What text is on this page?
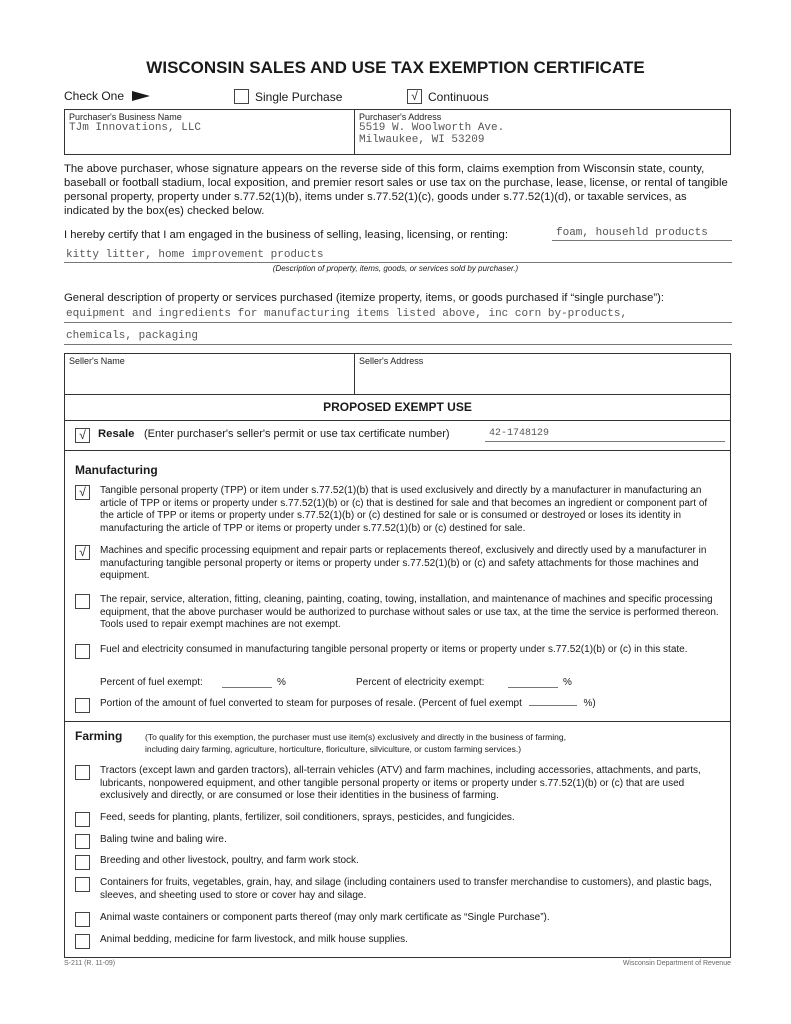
WISCONSIN SALES AND USE TAX EXEMPTION CERTIFICATE
Check One	Single Purchase	√ Continuous
Purchaser's Business Name
TJm Innovations, LLC
Purchaser's Address
5519 W. Woolworth Ave.
Milwaukee, WI 53209
The above purchaser, whose signature appears on the reverse side of this form, claims exemption from Wisconsin state, county, baseball or football stadium, local exposition, and premier resort sales or use tax on the purchase, lease, license, or rental of tangible personal property, property under s.77.52(1)(b), items under s.77.52(1)(c), goods under s.77.52(1)(d), or taxable services, as indicated by the box(es) checked below.
I hereby certify that I am engaged in the business of selling, leasing, licensing, or renting:	foam, househld products
kitty litter, home improvement products
(Description of property, items, goods, or services sold by purchaser.)
General description of property or services purchased (itemize property, items, or goods purchased if “single purchase”):
equipment and ingredients for manufacturing items listed above, inc corn by-products,
chemicals, packaging
Seller's Name	Seller's Address
PROPOSED EXEMPT USE
√	Resale (Enter purchaser's seller's permit or use tax certificate number)	42-1748129
Manufacturing
√	Tangible personal property (TPP) or item under s.77.52(1)(b) that is used exclusively and directly by a manufacturer in manufacturing an article of TPP or items or property under s.77.52(1)(b) or (c) that is destined for sale and that becomes an ingredient or component part of the article of TPP or items or property under s.77.52(1)(b) or (c) destined for sale or is consumed or destroyed or loses its identity in manufacturing the article of TPP or items or property under s.77.52(1)(b) or (c) destined for sale.
√	Machines and specific processing equipment and repair parts or replacements thereof, exclusively and directly used by a manufacturer in manufacturing tangible personal property or items or property under s.77.52(1)(b) or (c) and safety attachments for those machines and equipment.
The repair, service, alteration, fitting, cleaning, painting, coating, towing, installation, and maintenance of machines and specific processing equipment, that the above purchaser would be authorized to purchase without sales or use tax, at the time the service is performed thereon. Tools used to repair exempt machines are not exempt.
Fuel and electricity consumed in manufacturing tangible personal property or items or property under s.77.52(1)(b) or (c) in this state.
Percent of fuel exempt:	%	Percent of electricity exempt:	%
Portion of the amount of fuel converted to steam for purposes of resale. (Percent of fuel exempt	%)
Farming	(To qualify for this exemption, the purchaser must use item(s) exclusively and directly in the business of farming,
including dairy farming, agriculture, horticulture, floriculture, silviculture, or custom farming services.)
Tractors (except lawn and garden tractors), all-terrain vehicles (ATV) and farm machines, including accessories, attachments, and parts, lubricants, nonpowered equipment, and other tangible personal property or items or property under s.77.52(1)(b) or (c) that are used exclusively and directly, or are consumed or lose their identities in the business of farming.
Feed, seeds for planting, plants, fertilizer, soil conditioners, sprays, pesticides, and fungicides.
Baling twine and baling wire.
Breeding and other livestock, poultry, and farm work stock.
Containers for fruits, vegetables, grain, hay, and silage (including containers used to transfer merchandise to customers), and plastic bags, sleeves, and sheeting used to store or cover hay and silage.
Animal waste containers or component parts thereof (may only mark certificate as “Single Purchase”).
Animal bedding, medicine for farm livestock, and milk house supplies.
S-211 (R. 11-09)	Wisconsin Department of Revenue
